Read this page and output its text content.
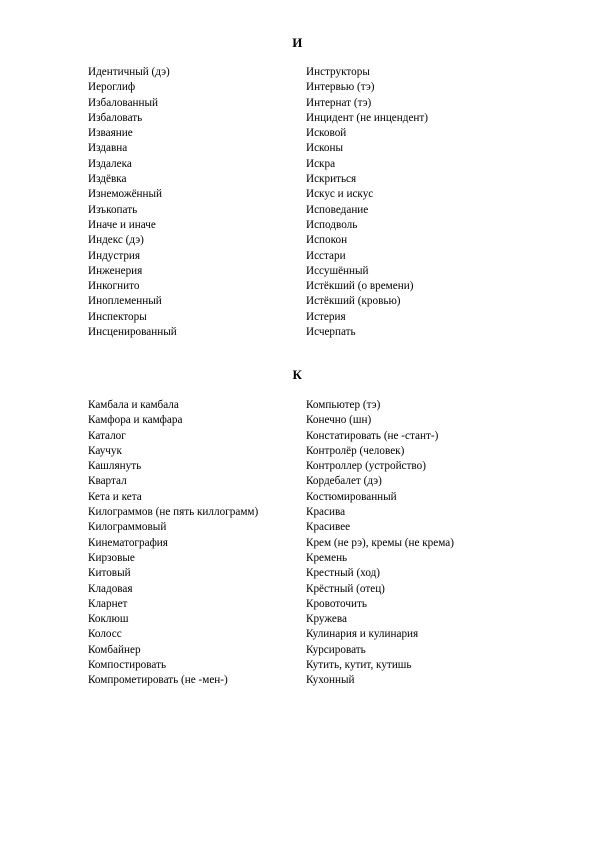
И
Идентичный (дэ)
Иероглиф
Избалованный
Избаловать
Изваяние
Издавна
Издалека
Издёвка
Изнеможённый
Изъкопать
Иначе и иначе
Индекс (дэ)
Индустрия
Инженерия
Инкогнито
Иноплеменный
Инспекторы
Инсценированный
Инструкторы
Интервью (тэ)
Интернат (тэ)
Инцидент (не инцендент)
Исковой
Исконы
Искра
Искриться
Искус и искус
Исповедание
Исподволь
Испокон
Исстари
Иссушённый
Истёкший (о времени)
Истёкший (кровью)
Истерия
Исчерпать
К
Камбала и камбала
Камфора и камфара
Каталог
Каучук
Кашлянуть
Квартал
Кета и кета
Килограммов (не пять киллограмм)
Килограммовый
Кинематография
Кирзовые
Китовый
Кладовая
Кларнет
Коклюш
Колосс
Комбайнер
Компостировать
Компрометировать (не -мен-)
Компьютер (тэ)
Конечно (шн)
Констатировать (не -стант-)
Контролёр (человек)
Контроллер (устройство)
Кордебалет (дэ)
Костюмированный
Красива
Красивее
Крем (не рэ), кремы (не крема)
Кремень
Крестный (ход)
Крёстный (отец)
Кровоточить
Кружева
Кулинария и кулинария
Курсировать
Кутить, кутит, кутишь
Кухонный
